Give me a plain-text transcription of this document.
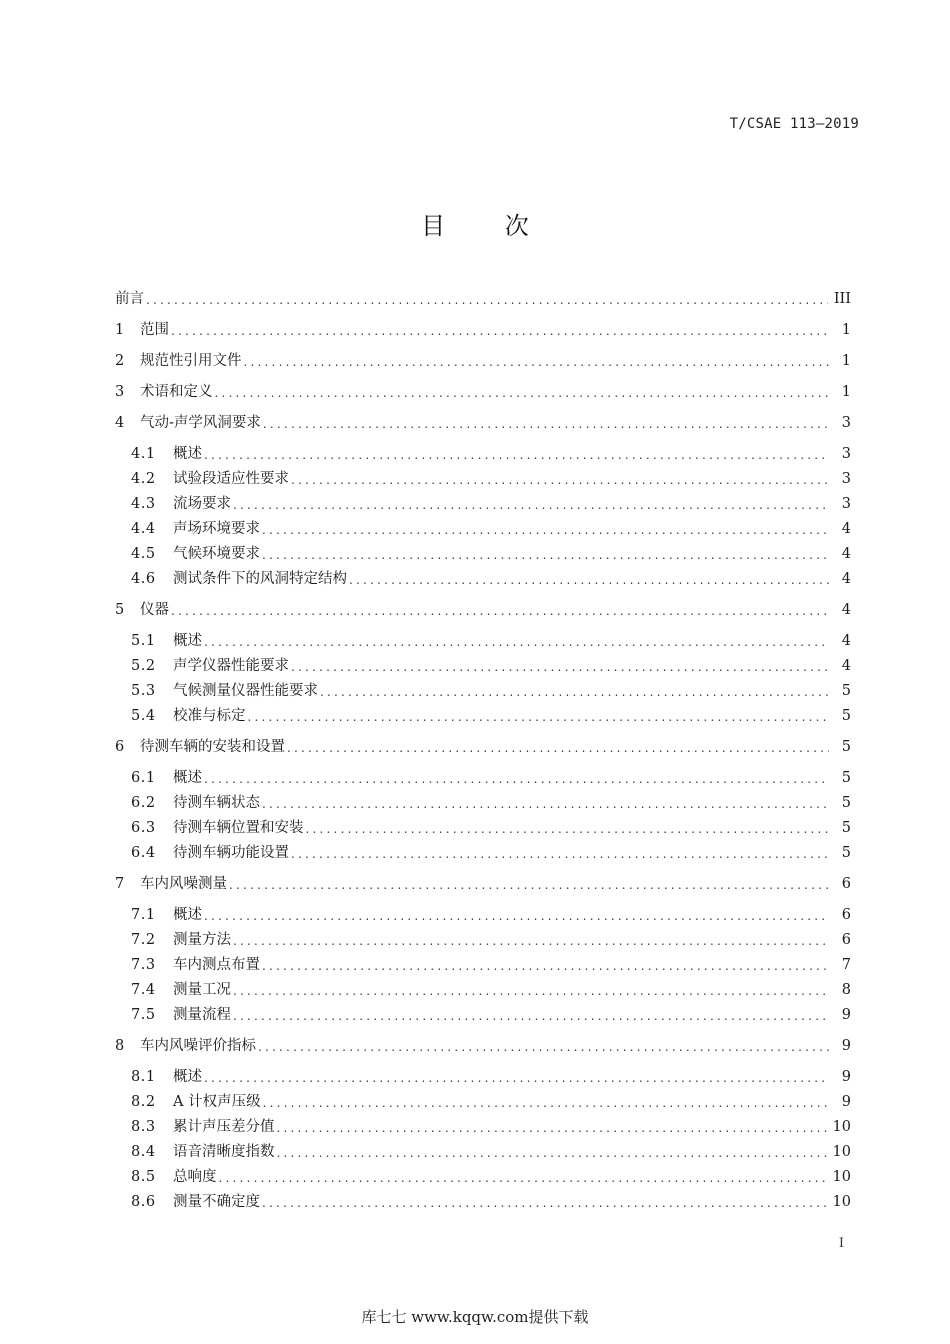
T/CSAE 113—2019
目 次
前言 .....	III
1	范围 .....	1
2	规范性引用文件 .....	1
3	术语和定义 .....	1
4	气动-声学风洞要求 .....	3
4.1	概述 .....	3
4.2	试验段适应性要求 .....	3
4.3	流场要求 .....	3
4.4	声场环境要求 .....	4
4.5	气候环境要求 .....	4
4.6	测试条件下的风洞特定结构 .....	4
5	仪器 .....	4
5.1	概述 .....	4
5.2	声学仪器性能要求 .....	4
5.3	气候测量仪器性能要求 .....	5
5.4	校准与标定 .....	5
6	待测车辆的安装和设置 .....	5
6.1	概述 .....	5
6.2	待测车辆状态 .....	5
6.3	待测车辆位置和安装 .....	5
6.4	待测车辆功能设置 .....	5
7	车内风噪测量 .....	6
7.1	概述 .....	6
7.2	测量方法 .....	6
7.3	车内测点布置 .....	7
7.4	测量工况 .....	8
7.5	测量流程 .....	9
8	车内风噪评价指标 .....	9
8.1	概述 .....	9
8.2	A 计权声压级 .....	9
8.3	累计声压差分值 .....	10
8.4	语音清晰度指数 .....	10
8.5	总响度 .....	10
8.6	测量不确定度 .....	10
I
库七七 www.kqqw.com提供下载
